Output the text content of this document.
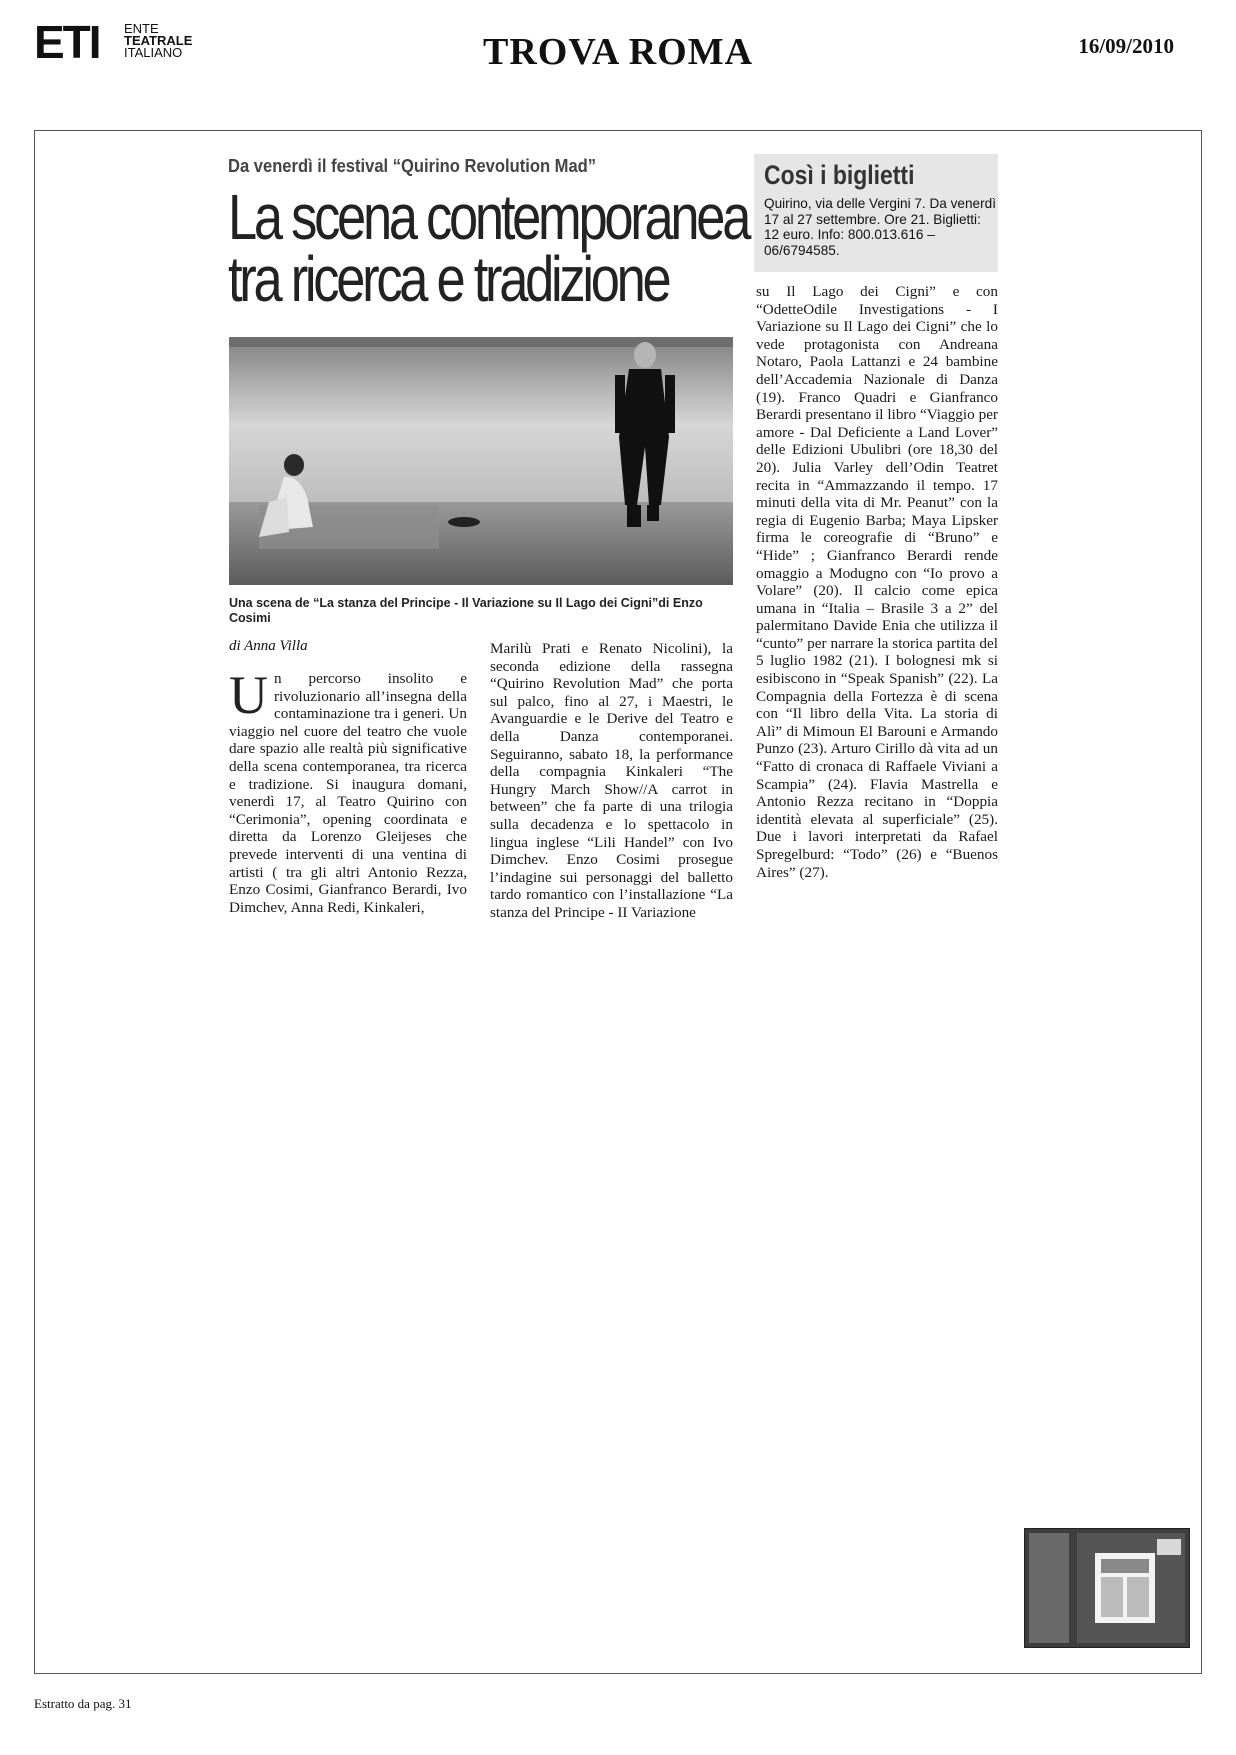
ETI ENTE
TEATRALE
ITALIANO	TROVA ROMA	16/09/2010
Da venerdì il festival “Quirino Revolution Mad”
La scena contemporanea
tra ricerca e tradizione
Una scena de “La stanza del Principe - Il Variazione su Il Lago dei Cigni”di Enzo Cosimi
di Anna Villa
Un percorso insolito e rivoluzionario all’insegna della contaminazione tra i generi. Un viaggio nel cuore del teatro che vuole dare spazio alle realtà più significative della scena contemporanea, tra ricerca e tradizione. Si inaugura domani, venerdì 17, al Teatro Quirino con “Cerimonia”, opening coordinata e diretta da Lorenzo Gleijeses che prevede interventi di una ventina di artisti ( tra gli altri Antonio Rezza, Enzo Cosimi, Gianfranco Berardi, Ivo Dimchev, Anna Redi, Kinkaleri,
Marilù Prati e Renato Nicolini), la seconda edizione della rassegna “Quirino Revolution Mad” che porta sul palco, fino al 27, i Maestri, le Avanguardie e le Derive del Teatro e della Danza contemporanei. Seguiranno, sabato 18, la performance della compagnia Kinkaleri “The Hungry March Show//A carrot in between” che fa parte di una trilogia sulla decadenza e lo spettacolo in lingua inglese “Lili Handel” con Ivo Dimchev. Enzo Cosimi prosegue l’indagine sui personaggi del balletto tardo romantico con l’installazione “La stanza del Principe - II Variazione
su Il Lago dei Cigni” e con “OdetteOdile Investigations - I Variazione su Il Lago dei Cigni” che lo vede protagonista con Andreana Notaro, Paola Lattanzi e 24 bambine dell’Accademia Nazionale di Danza (19). Franco Quadri e Gianfranco Berardi presentano il libro “Viaggio per amore - Dal Deficiente a Land Lover” delle Edizioni Ubulibri (ore 18,30 del 20). Julia Varley dell’Odin Teatret recita in “Ammazzando il tempo. 17 minuti della vita di Mr. Peanut” con la regia di Eugenio Barba; Maya Lipsker firma le coreografie di “Bruno” e “Hide” ; Gianfranco Berardi rende omaggio a Modugno con “Io provo a Volare” (20). Il calcio come epica umana in “Italia – Brasile 3 a 2” del palermitano Davide Enia che utilizza il “cunto” per narrare la storica partita del 5 luglio 1982 (21). I bolognesi mk si esibiscono in “Speak Spanish” (22). La Compagnia della Fortezza è di scena con “Il libro della Vita. La storia di Alì” di Mimoun El Barouni e Armando Punzo (23). Arturo Cirillo dà vita ad un “Fatto di cronaca di Raffaele Viviani a Scampia” (24). Flavia Mastrella e Antonio Rezza recitano in “Doppia identità elevata al superficiale” (25). Due i lavori interpretati da Rafael Spregelburd: “Todo” (26) e “Buenos Aires” (27).
Così i biglietti
Quirino, via delle Vergini 7. Da venerdì 17 al 27 settembre. Ore 21. Biglietti: 12 euro. Info: 800.013.616 – 06/6794585.
Estratto da pag. 31
